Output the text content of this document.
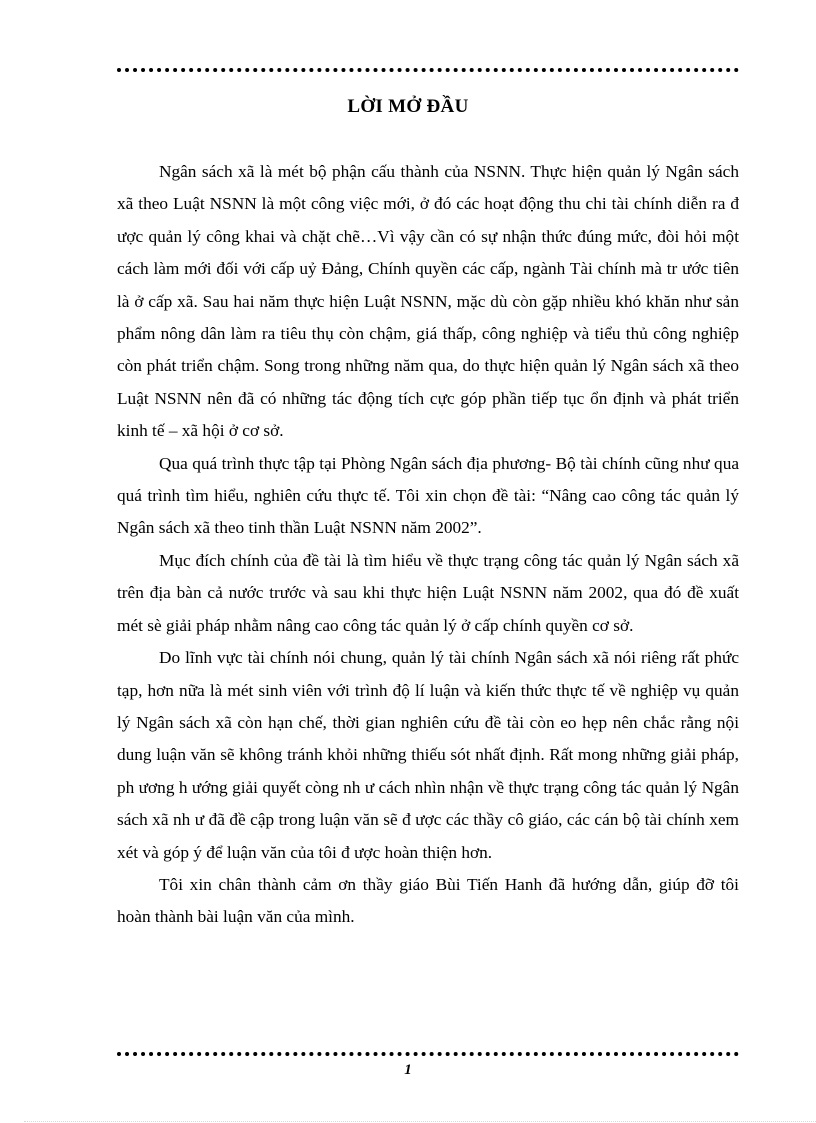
LỜI MỞ ĐẦU

Ngân sách xã là mét bộ phận cấu thành của NSNN. Thực hiện quản lý Ngân sách xã theo Luật NSNN là một công việc mới, ở đó các hoạt động thu chi tài chính diễn ra đ ược quản lý công khai và chặt chẽ…Vì vậy cần có sự nhận thức đúng mức, đòi hỏi một cách làm mới đối với cấp uỷ Đảng, Chính quyền các cấp, ngành Tài chính mà tr ước tiên là ở cấp xã. Sau hai năm thực hiện Luật NSNN, mặc dù còn gặp nhiều khó khăn như sản phẩm nông dân làm ra tiêu thụ còn chậm, giá thấp, công nghiệp và tiểu thủ công nghiệp còn phát triển chậm. Song trong những năm qua, do thực hiện quản lý Ngân sách xã theo Luật NSNN nên đã có những tác động tích cực góp phần tiếp tục ổn định và phát triển kinh tế – xã hội ở cơ sở.

Qua quá trình thực tập tại Phòng Ngân sách địa phương- Bộ tài chính cũng như qua quá trình tìm hiểu, nghiên cứu thực tế. Tôi xin chọn đề tài: “Nâng cao công tác quản lý Ngân sách xã theo tinh thần Luật NSNN năm 2002”.

Mục đích chính của đề tài là tìm hiểu về thực trạng công tác quản lý Ngân sách xã trên địa bàn cả nước trước và sau khi thực hiện Luật NSNN năm 2002, qua đó đề xuất mét sè giải pháp nhằm nâng cao công tác quản lý ở cấp chính quyền cơ sở.

Do lĩnh vực tài chính nói chung, quản lý tài chính Ngân sách xã nói riêng rất phức tạp, hơn nữa là mét sinh viên với trình độ lí luận và kiến thức thực tế về nghiệp vụ quản lý Ngân sách xã còn hạn chế, thời gian nghiên cứu đề tài còn eo hẹp nên chắc rằng nội dung luận văn sẽ không tránh khỏi những thiếu sót nhất định. Rất mong những giải pháp, ph ương h ướng giải quyết còng nh ư cách nhìn nhận về thực trạng công tác quản lý Ngân sách xã nh ư đã đề cập trong luận văn sẽ đ ược các thầy cô giáo, các cán bộ tài chính xem xét và góp ý để luận văn của tôi đ ược hoàn thiện hơn.

Tôi xin chân thành cảm ơn thầy giáo Bùi Tiến Hanh đã hướng dẫn, giúp đỡ tôi hoàn thành bài luận văn của mình.

1
